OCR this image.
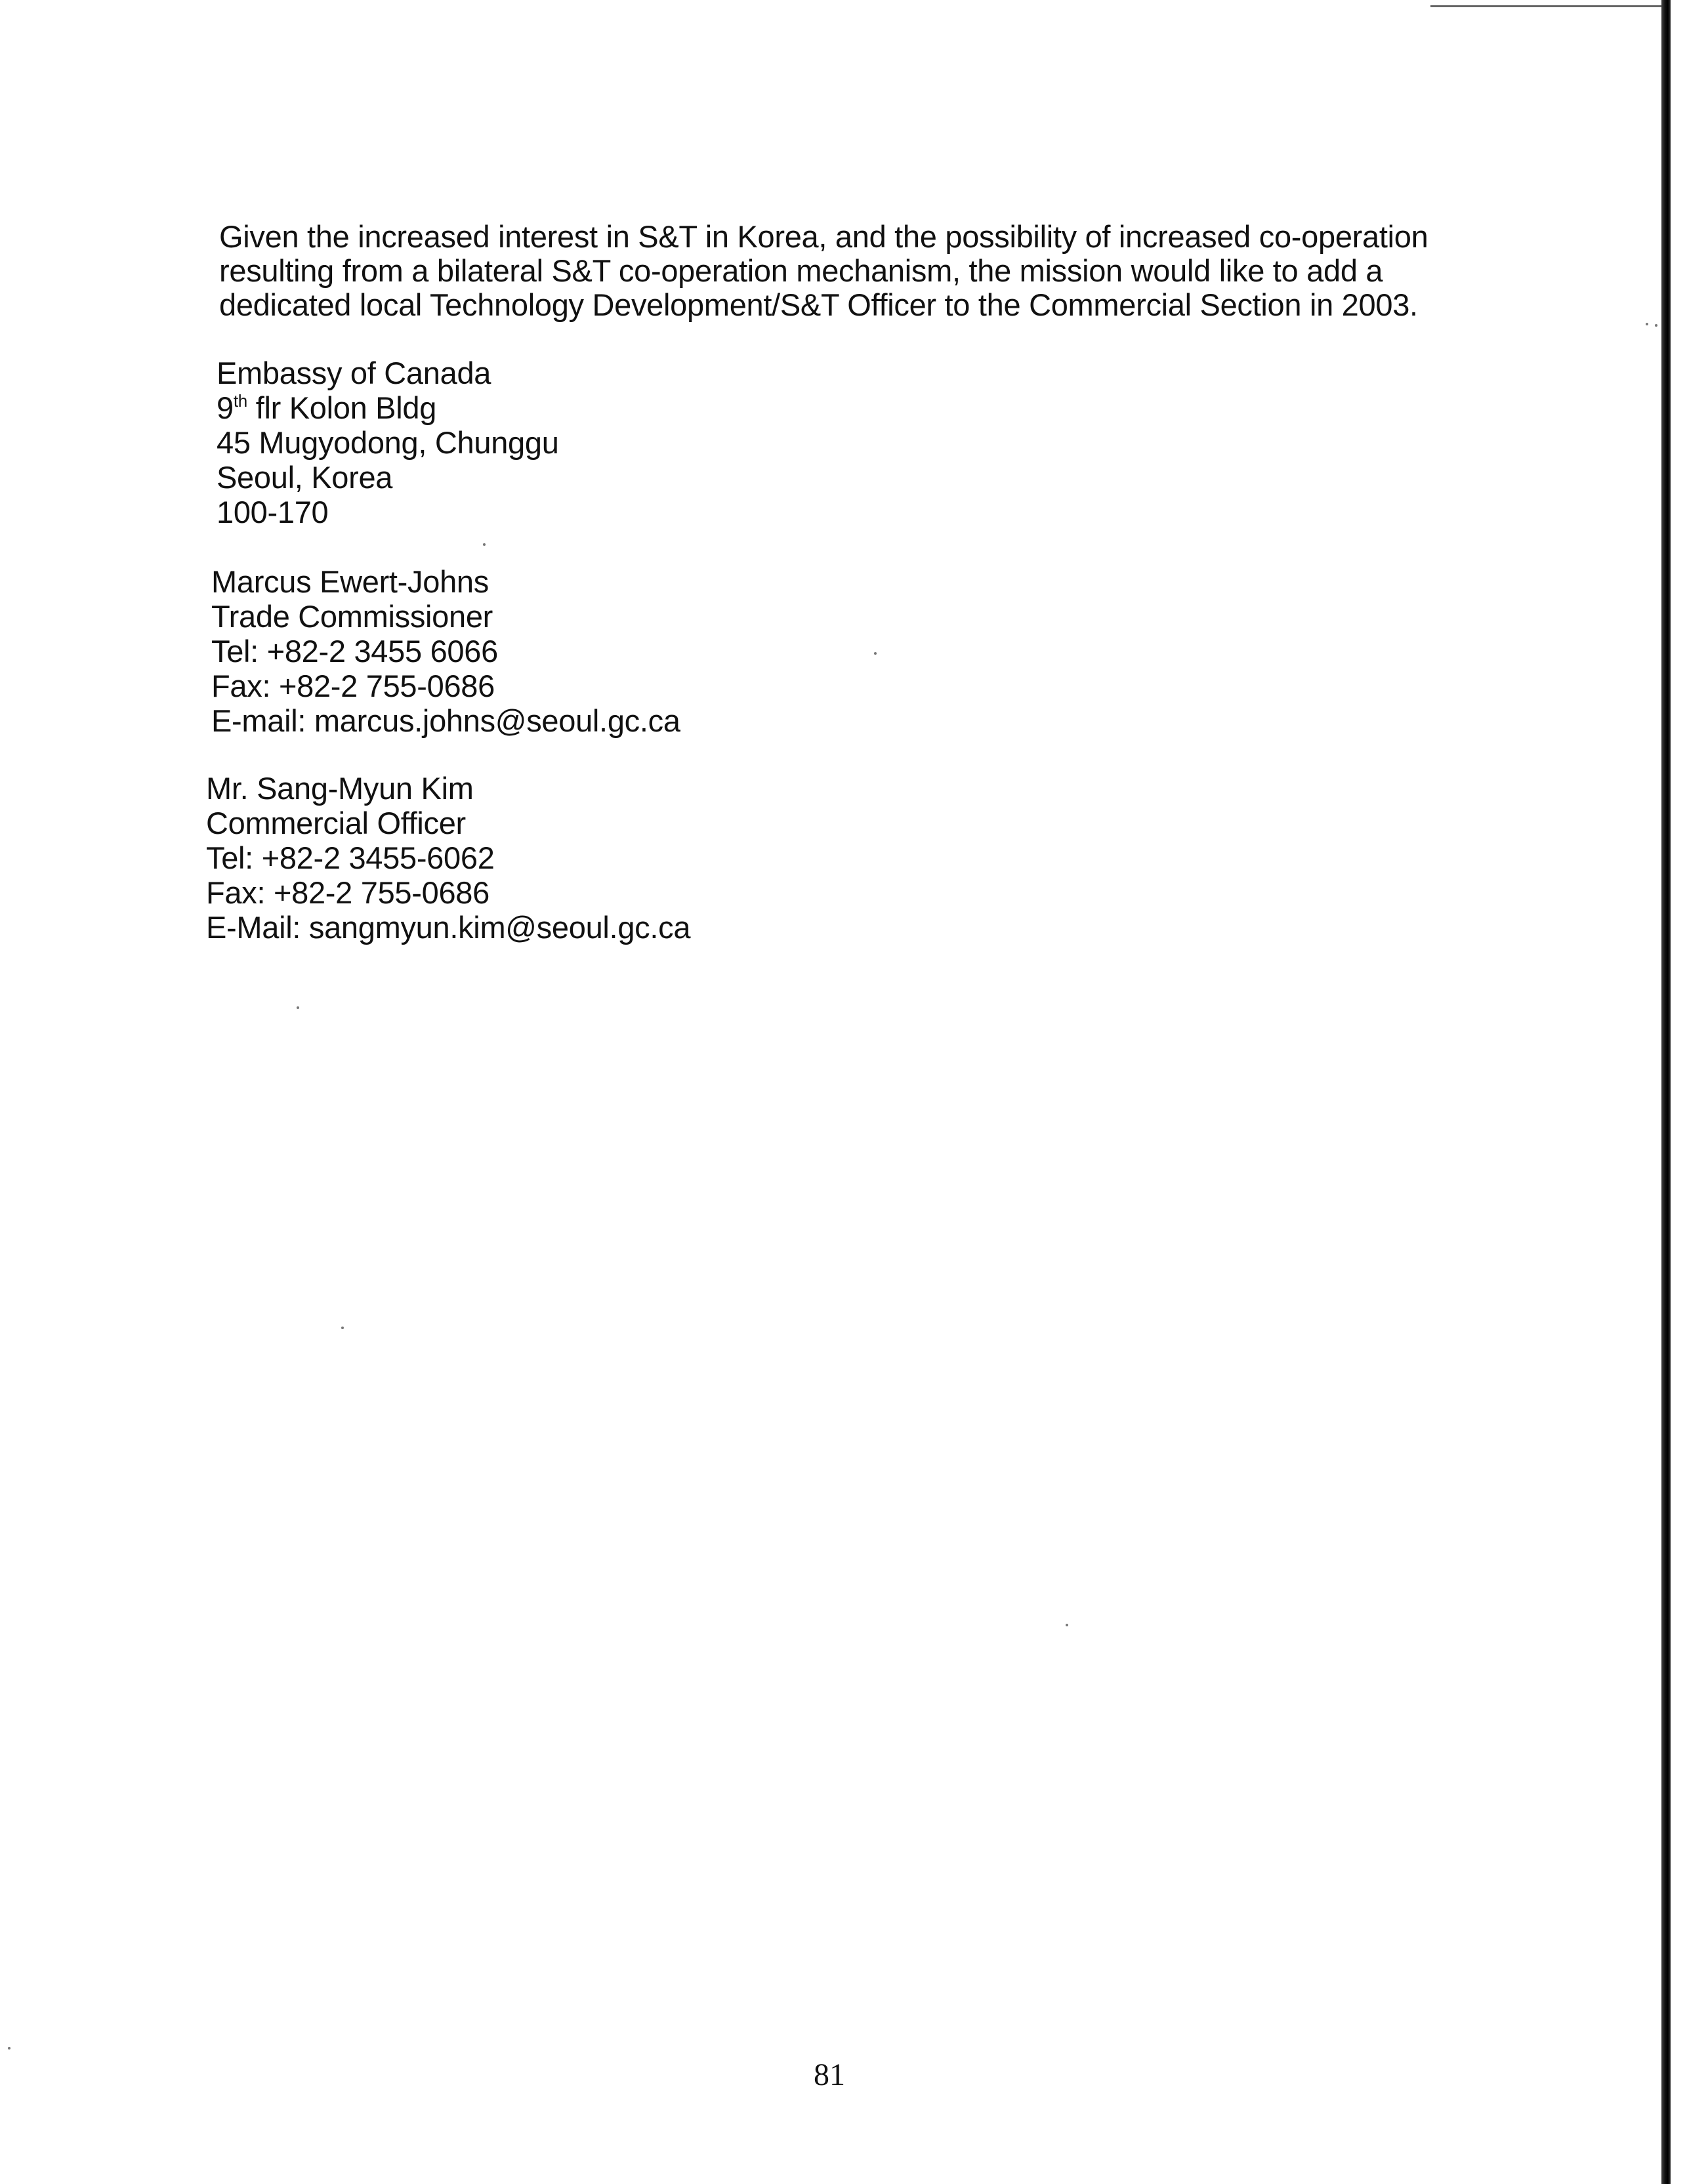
Given the increased interest in S&T in Korea, and the possibility of increased co-operation
resulting from a bilateral S&T co-operation mechanism, the mission would like to add a
dedicated local Technology Development/S&T Officer to the Commercial Section in 2003.
Embassy of Canada
9th flr Kolon Bldg
45 Mugyodong, Chunggu
Seoul, Korea
100-170
Marcus Ewert-Johns
Trade Commissioner
Tel: +82-2 3455 6066
Fax: +82-2 755-0686
E-mail: marcus.johns@seoul.gc.ca
Mr. Sang-Myun Kim
Commercial Officer
Tel: +82-2 3455-6062
Fax: +82-2 755-0686
E-Mail: sangmyun.kim@seoul.gc.ca
81
